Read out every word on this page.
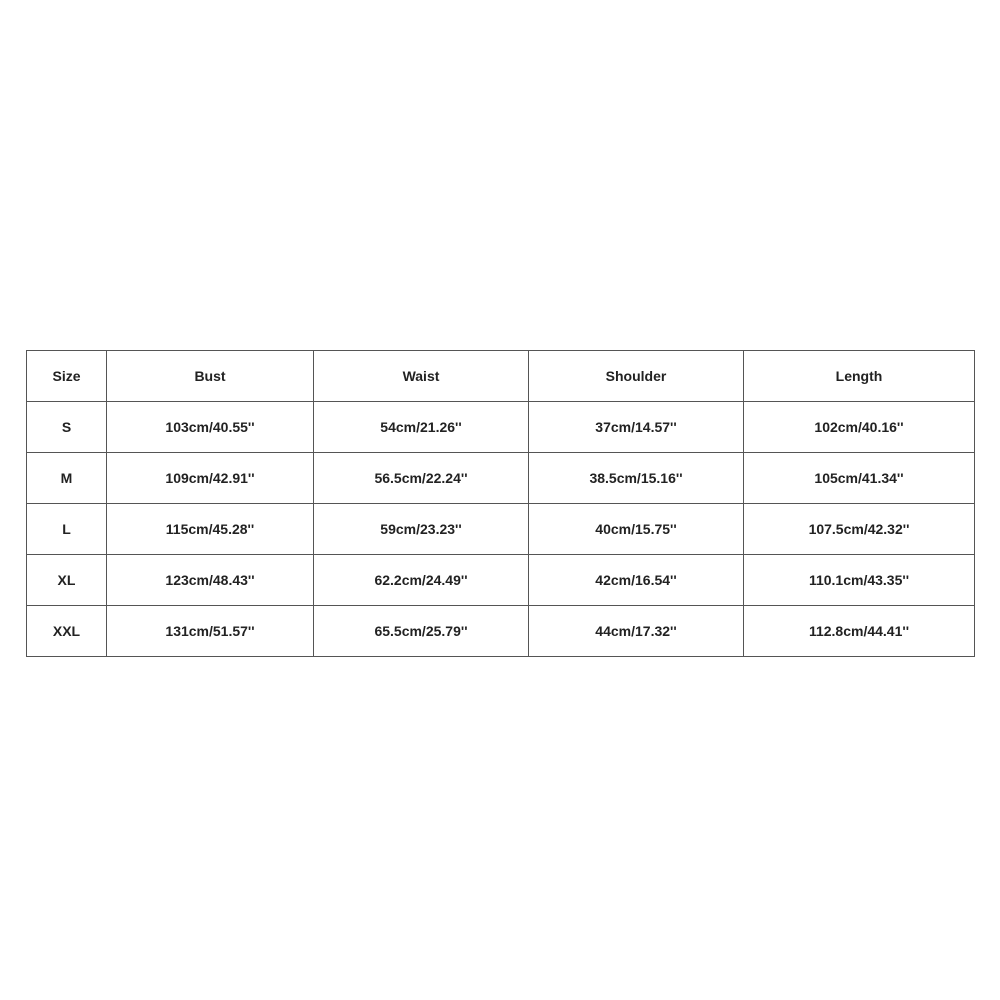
Size	Bust	Waist	Shoulder	Length
S	103cm/40.55''	54cm/21.26''	37cm/14.57''	102cm/40.16''
M	109cm/42.91''	56.5cm/22.24''	38.5cm/15.16''	105cm/41.34''
L	115cm/45.28''	59cm/23.23''	40cm/15.75''	107.5cm/42.32''
XL	123cm/48.43''	62.2cm/24.49''	42cm/16.54''	110.1cm/43.35''
XXL	131cm/51.57''	65.5cm/25.79''	44cm/17.32''	112.8cm/44.41''
